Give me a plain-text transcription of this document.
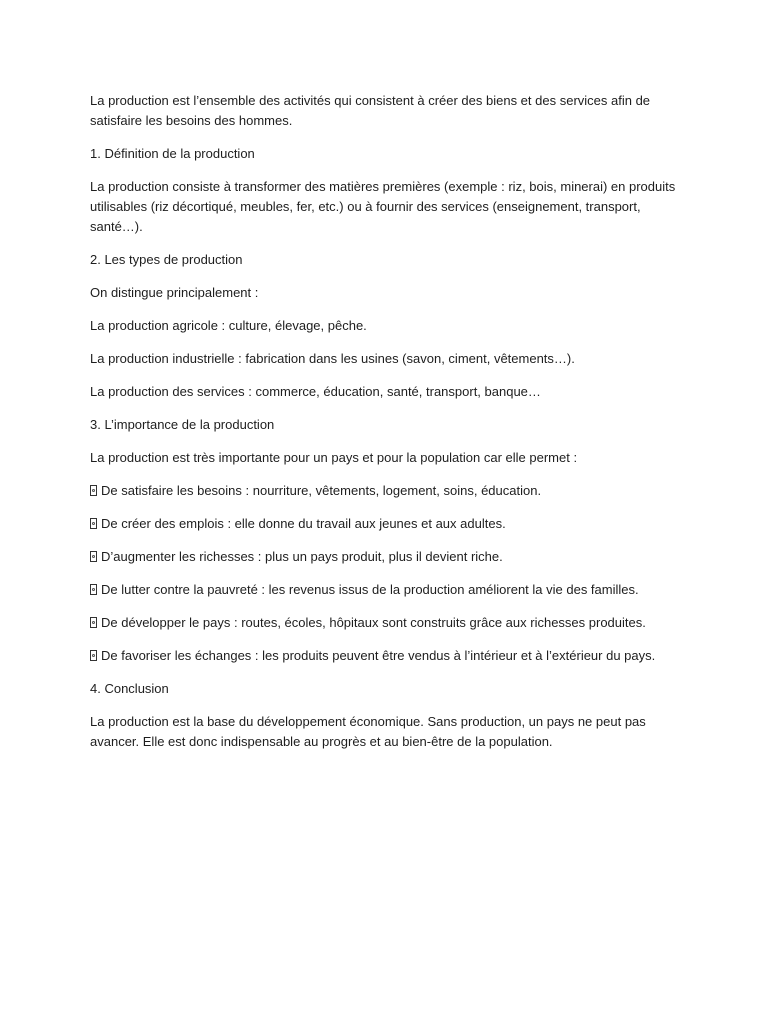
La production est l’ensemble des activités qui consistent à créer des biens et des services afin de satisfaire les besoins des hommes.

1. Définition de la production

La production consiste à transformer des matières premières (exemple : riz, bois, minerai) en produits utilisables (riz décortiqué, meubles, fer, etc.) ou à fournir des services (enseignement, transport, santé…).

2. Les types de production

On distingue principalement :

La production agricole : culture, élevage, pêche.

La production industrielle : fabrication dans les usines (savon, ciment, vêtements…).

La production des services : commerce, éducation, santé, transport, banque…

3. L’importance de la production

La production est très importante pour un pays et pour la population car elle permet :

De satisfaire les besoins : nourriture, vêtements, logement, soins, éducation.

De créer des emplois : elle donne du travail aux jeunes et aux adultes.

D’augmenter les richesses : plus un pays produit, plus il devient riche.

De lutter contre la pauvreté : les revenus issus de la production améliorent la vie des familles.

De développer le pays : routes, écoles, hôpitaux sont construits grâce aux richesses produites.

De favoriser les échanges : les produits peuvent être vendus à l’intérieur et à l’extérieur du pays.

4. Conclusion

La production est la base du développement économique. Sans production, un pays ne peut pas avancer. Elle est donc indispensable au progrès et au bien-être de la population.
